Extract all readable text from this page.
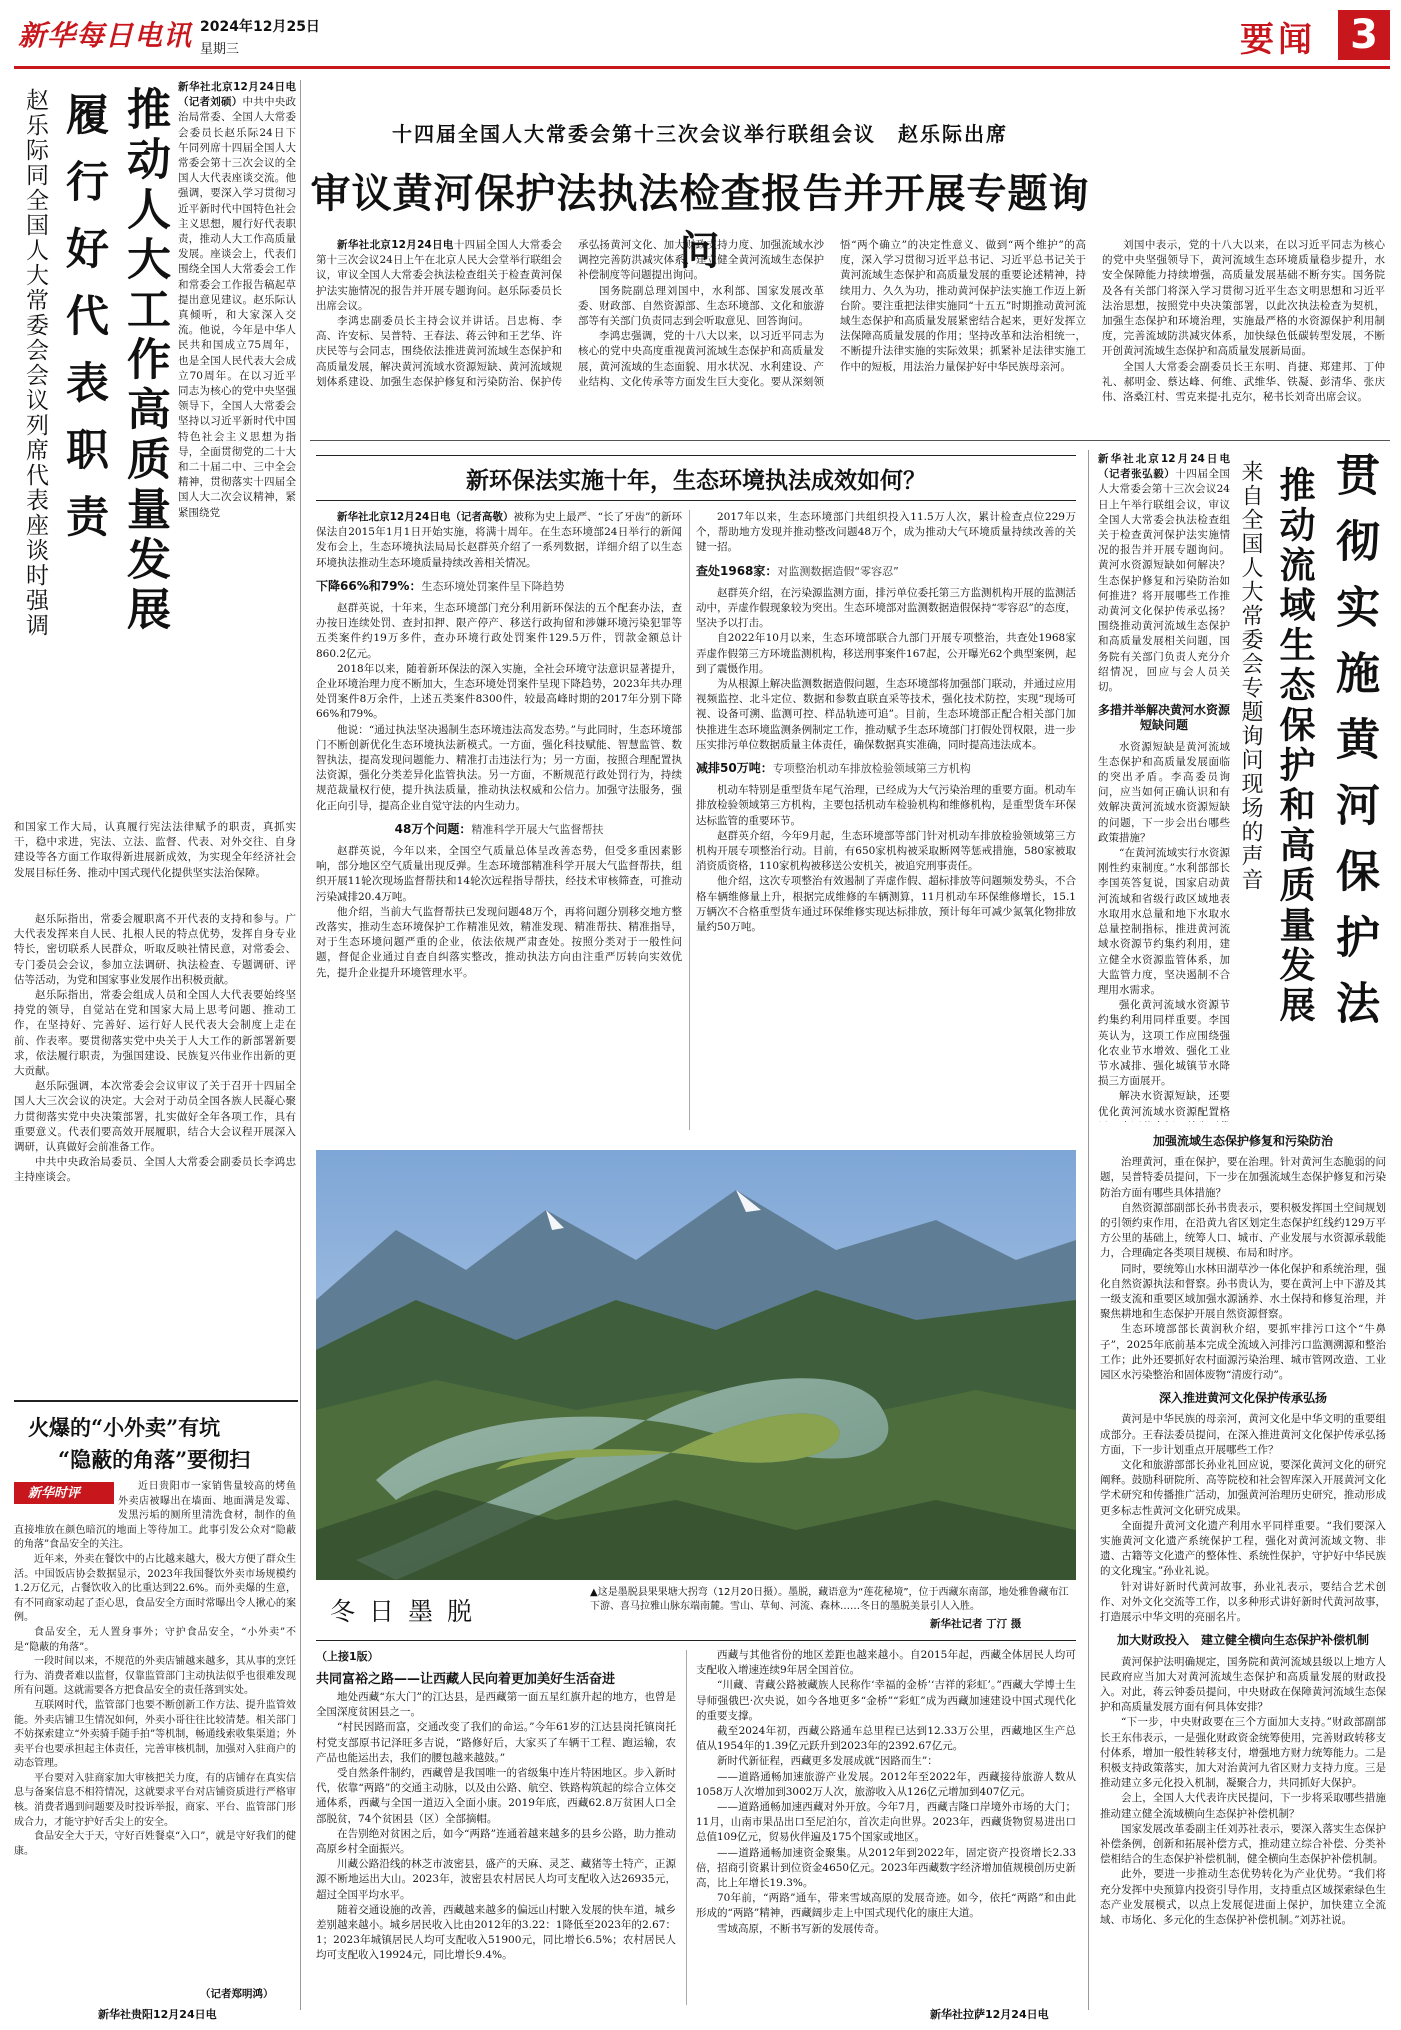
新华每日电讯 2024年12月25日
星期三	要闻 3
赵乐际同全国人大常委会会议列席代表座谈时强调 履行好代表职责 推动人大工作高质量发展 新华社北京12月24日电（记者刘硕）中共中央政治局常委、全国人大常委会委员长赵乐际24日下午同列席十四届全国人大常委会第十三次会议的全国人大代表座谈交流。他强调，要深入学习贯彻习近平新时代中国特色社会主义思想，履行好代表职责，推动人大工作高质量发展。座谈会上，代表们围绕全国人大常委会工作和常委会工作报告稿起草提出意见建议。赵乐际认真倾听，和大家深入交流。他说，今年是中华人民共和国成立75周年，也是全国人民代表大会成立70周年。在以习近平同志为核心的党中央坚强领导下，全国人大常委会坚持以习近平新时代中国特色社会主义思想为指导，全面贯彻党的二十大和二十届二中、三中全会精神，贯彻落实十四届全国人大二次会议精神，紧紧围绕党

和国家工作大局，认真履行宪法法律赋予的职责，真抓实干，稳中求进，宪法、立法、监督、代表、对外交往、自身建设等各方面工作取得新进展新成效，为实现全年经济社会发展目标任务、推动中国式现代化提供坚实法治保障。

赵乐际指出，常委会履职离不开代表的支持和参与。广大代表发挥来自人民、扎根人民的特点优势，发挥自身专业特长，密切联系人民群众，听取反映社情民意，对常委会、专门委员会会议，参加立法调研、执法检查、专题调研、评估等活动，为党和国家事业发展作出积极贡献。

赵乐际指出，常委会组成人员和全国人大代表要始终坚持党的领导，自觉站在党和国家大局上思考问题、推动工作，在坚持好、完善好、运行好人民代表大会制度上走在前、作表率。要贯彻落实党中央关于人大工作的新部署新要求，依法履行职责，为强国建设、民族复兴伟业作出新的更大贡献。

赵乐际强调，本次常委会会议审议了关于召开十四届全国人大三次会议的决定。大会对于动员全国各族人民凝心聚力贯彻落实党中央决策部署，扎实做好全年各项工作，具有重要意义。代表们要高效开展履职，结合大会议程开展深入调研，认真做好会前准备工作。

中共中央政治局委员、全国人大常委会副委员长李鸿忠主持座谈会。

火爆的“小外卖”有坑
“隐蔽的角落”要彻扫
新华时评	近日贵阳市一家销售量较高的烤鱼外卖店被曝出在墙面、地面满是发霉、发黑污垢的厕所里清洗食材，制作的鱼直接堆放在颜色暗沉的地面上等待加工。此事引发公众对“隐蔽的角落”食品安全的关注。

近年来，外卖在餐饮中的占比越来越大，极大方便了群众生活。中国饭店协会数据显示，2023年我国餐饮外卖市场规模约1.2万亿元，占餐饮收入的比重达到22.6%。而外卖爆的生意，有不同商家动起了歪心思，食品安全方面时常曝出令人揪心的案例。

食品安全，无人置身事外；守护食品安全，“小外卖”不是“隐蔽的角落”。

一段时间以来，不规范的外卖店铺越来越多，其从事的烹饪行为、消费者难以监督，仅靠监管部门主动执法似乎也很难发现所有问题。这就需要各方把食品安全的责任落到实处。

互联网时代，监管部门也要不断创新工作方法、提升监管效能。外卖店铺卫生情况如何，外卖小哥往往比较清楚。相关部门不妨探索建立“外卖骑手随手拍”等机制，畅通线索收集渠道；外卖平台也要承担起主体责任，完善审核机制，加强对入驻商户的动态管理。

平台要对入驻商家加大审核把关力度，有的店铺存在真实信息与备案信息不相符情况，这就要求平台对店铺资质进行严格审核。消费者遇到问题要及时投诉举报，商家、平台、监管部门形成合力，才能守护好舌尖上的安全。

食品安全大于天，守好百姓餐桌“入口”，就是守好我们的健康。

（记者郑明鸿）
新华社贵阳12月24日电
十四届全国人大常委会第十三次会议举行联组会议　赵乐际出席
审议黄河保护法执法检查报告并开展专题询问

新华社北京12月24日电十四届全国人大常委会第十三次会议24日上午在北京人民大会堂举行联组会议，审议全国人大常委会执法检查组关于检查黄河保护法实施情况的报告并开展专题询问。赵乐际委员长出席会议。

李鸿忠副委员长主持会议并讲话。吕忠梅、李高、许安标、吴普特、王春法、蒋云钟和王艺华、许庆民等与会同志，围绕依法推进黄河流域生态保护和高质量发展，解决黄河流域水资源短缺、黄河流域规划体系建设、加强生态保护修复和污染防治、保护传承弘扬黄河文化、加大财政支持力度、加强流域水沙调控完善防洪减灾体系、建立健全黄河流域生态保护补偿制度等问题提出询问。

国务院副总理刘国中，水利部、国家发展改革委、财政部、自然资源部、生态环境部、文化和旅游部等有关部门负责同志到会听取意见、回答询问。

李鸿忠强调，党的十八大以来，以习近平同志为核心的党中央高度重视黄河流域生态保护和高质量发展，黄河流域的生态面貌、用水状况、水利建设、产业结构、文化传承等方面发生巨大变化。要从深刻领悟“两个确立”的决定性意义、做到“两个维护”的高度，深入学习贯彻习近平总书记、习近平总书记关于黄河流域生态保护和高质量发展的重要论述精神，持续用力、久久为功，推动黄河保护法实施工作迈上新台阶。要注重把法律实施同“十五五”时期推动黄河流域生态保护和高质量发展紧密结合起来，更好发挥立法保障高质量发展的作用；坚持改革和法治相统一，不断提升法律实施的实际效果；抓紧补足法律实施工作中的短板，用法治力量保护好中华民族母亲河。

刘国中表示，党的十八大以来，在以习近平同志为核心的党中央坚强领导下，黄河流域生态环境质量稳步提升，水安全保障能力持续增强，高质量发展基础不断夯实。国务院及各有关部门将深入学习贯彻习近平生态文明思想和习近平法治思想，按照党中央决策部署，以此次执法检查为契机，加强生态保护和环境治理，实施最严格的水资源保护利用制度，完善流域防洪减灾体系，加快绿色低碳转型发展，不断开创黄河流域生态保护和高质量发展新局面。

全国人大常委会副委员长王东明、肖捷、郑建邦、丁仲礼、郝明金、蔡达峰、何维、武维华、铁凝、彭清华、张庆伟、洛桑江村、雪克来提·扎克尔，秘书长刘奇出席会议。

新环保法实施十年，生态环境执法成效如何？

新华社北京12月24日电（记者高敬）被称为史上最严、“长了牙齿”的新环保法自2015年1月1日开始实施，将满十周年。在生态环境部24日举行的新闻发布会上，生态环境执法局局长赵群英介绍了一系列数据，详细介绍了以生态环境执法推动生态环境质量持续改善相关情况。

下降66%和79%：生态环境处罚案件呈下降趋势

赵群英说，十年来，生态环境部门充分利用新环保法的五个配套办法，查办按日连续处罚、查封扣押、限产停产、移送行政拘留和涉嫌环境污染犯罪等五类案件约19万多件，查办环境行政处罚案件129.5万件，罚款金额总计860.2亿元。

2018年以来，随着新环保法的深入实施，全社会环境守法意识显著提升，企业环境治理力度不断加大，生态环境处罚案件呈现下降趋势，2023年共办理处罚案件8万余件，上述五类案件8300件，较最高峰时期的2017年分别下降66%和79%。

他说：“通过执法坚决遏制生态环境违法高发态势。”与此同时，生态环境部门不断创新优化生态环境执法新模式。一方面，强化科技赋能、智慧监管、数智执法，提高发现问题能力、精准打击违法行为；另一方面，按照合理配置执法资源，强化分类差异化监管执法。另一方面，不断规范行政处罚行为，持续规范裁量权行使，提升执法质量，推动执法权威和公信力。加强守法服务，强化正向引导，提高企业自觉守法的内生动力。

48万个问题：精准科学开展大气监督帮扶

赵群英说，今年以来，全国空气质量总体呈改善态势，但受多重因素影响，部分地区空气质量出现反弹。生态环境部精准科学开展大气监督帮扶，组织开展11轮次现场监督帮扶和14轮次远程指导帮扶，经技术审核筛查，可推动污染减排20.4万吨。

他介绍，当前大气监督帮扶已发现问题48万个，再将问题分别移交地方整改落实，推动生态环境保护工作精准见效，精准发现、精准帮扶、精准指导，对于生态环境问题严重的企业，依法依规严肃查处。按照分类对于一般性问题，督促企业通过自查自纠落实整改，推动执法方向由注重严厉转向实效优先，提升企业提升环境管理水平。

2017年以来，生态环境部门共组织投入11.5万人次，累计检查点位229万个，帮助地方发现并推动整改问题48万个，成为推动大气环境质量持续改善的关键一招。

查处1968家：对监测数据造假“零容忍”

赵群英介绍，在污染源监测方面，排污单位委托第三方监测机构开展的监测活动中，弄虚作假现象较为突出。生态环境部对监测数据造假保持“零容忍”的态度，坚决予以打击。

自2022年10月以来，生态环境部联合九部门开展专项整治，共查处1968家弄虚作假第三方环境监测机构，移送刑事案件167起，公开曝光62个典型案例，起到了震慑作用。

为从根源上解决监测数据造假问题，生态环境部将加强部门联动，并通过应用视频监控、北斗定位、数据和参数直联直采等技术，强化技术防控，实现“现场可视、设备可溯、监测可控、样品轨迹可追”。目前，生态环境部正配合相关部门加快推进生态环境监测条例制定工作，推动赋予生态环境部门打假处罚权限，进一步压实排污单位数据质量主体责任，确保数据真实准确，同时提高违法成本。

减排50万吨：专项整治机动车排放检验领域第三方机构

机动车特别是重型货车尾气治理，已经成为大气污染治理的重要方面。机动车排放检验领域第三方机构，主要包括机动车检验机构和维修机构，是重型货车环保达标监管的重要环节。

赵群英介绍，今年9月起，生态环境部等部门针对机动车排放检验领域第三方机构开展专项整治行动。目前，有650家机构被采取断网等惩戒措施，580家被取消资质资格，110家机构被移送公安机关，被追究刑事责任。

他介绍，这次专项整治有效遏制了弄虚作假、超标排放等问题频发势头，不合格车辆维修量上升，根据完成维修的车辆测算，11月机动车环保维修增长，15.1万辆次不合格重型货车通过环保维修实现达标排放，预计每年可减少氮氧化物排放量约50万吨。

冬日墨脱
▲这是墨脱县果果塘大拐弯（12月20日摄）。墨脱，藏语意为“莲花秘境”，位于西藏东南部，地处雅鲁藏布江下游、喜马拉雅山脉东端南麓。雪山、草甸、河流、森林……冬日的墨脱美景引人入胜。
新华社记者 丁汀 摄
（上接1版）
共同富裕之路——让西藏人民向着更加美好生活奋进

地处西藏“东大门”的江达县，是西藏第一面五星红旗升起的地方，也曾是全国深度贫困县之一。

“村民因路而富，交通改变了我们的命运。”今年61岁的江达县岗托镇岗托村党支部原书记泽旺多吉说，“路修好后，大家买了车辆干工程、跑运输，农产品也能运出去，我们的腰包越来越鼓。”

受自然条件制约，西藏曾是我国唯一的省级集中连片特困地区。步入新时代，依靠“两路”的交通主动脉，以及由公路、航空、铁路构筑起的综合立体交通体系，西藏与全国一道迈入全面小康。2019年底，西藏62.8万贫困人口全部脱贫，74个贫困县（区）全部摘帽。

在告别绝对贫困之后，如今“两路”连通着越来越多的县乡公路，助力推动高原乡村全面振兴。

川藏公路沿线的林芝市波密县，盛产的天麻、灵芝、藏猪等土特产，正源源不断地运出大山。2023年，波密县农村居民人均可支配收入达26935元，超过全国平均水平。

随着交通设施的改善，西藏越来越多的偏远山村駛入发展的快车道，城乡差别越来越小。城乡居民收入比由2012年的3.22：1降低至2023年的2.67：1；2023年城镇居民人均可支配收入51900元，同比增长6.5%；农村居民人均可支配收入19924元，同比增长9.4%。

西藏与其他省份的地区差距也越来越小。自2015年起，西藏全体居民人均可支配收入增速连续9年居全国首位。

“川藏、青藏公路被藏族人民称作‘幸福的金桥’‘吉祥的彩虹’。”西藏大学博士生导师强俄巴·次央说，如今各地更多“金桥”“彩虹”成为西藏加速建设中国式现代化的重要支撑。

截至2024年初，西藏公路通车总里程已达到12.33万公里，西藏地区生产总值从1954年的1.39亿元跃升到2023年的2392.67亿元。

新时代新征程，西藏更多发展成就“因路而生”：

——道路通畅加速旅游产业发展。2012年至2022年，西藏接待旅游人数从1058万人次增加到3002万人次，旅游收入从126亿元增加到407亿元。

——道路通畅加速西藏对外开放。今年7月，西藏吉隆口岸境外市场的大门；11月，山南市果品出口至尼泊尔，首次走向世界。2023年，西藏货物贸易进出口总值109亿元，贸易伙伴遍及175个国家或地区。

——道路通畅加速资金聚集。从2012年到2022年，固定资产投资增长2.33倍，招商引资累计到位资金4650亿元。2023年西藏数字经济增加值规模创历史新高，比上年增长19.3%。

70年前，“两路”通车，带来雪域高原的发展奇迹。如今，依托“两路”和由此形成的“两路”精神，西藏阔步走上中国式现代化的康庄大道。

雪域高原，不断书写新的发展传奇。

新华社拉萨12月24日电
新华社北京12月24日电（记者张弘毅）十四届全国人大常委会第十三次会议24日上午举行联组会议，审议全国人大常委会执法检查组关于检查黄河保护法实施情况的报告并开展专题询问。黄河水资源短缺如何解决？生态保护修复和污染防治如何推进？将开展哪些工作推动黄河文化保护传承弘扬？围绕推动黄河流域生态保护和高质量发展相关问题，国务院有关部门负责人充分介绍情况，回应与会人员关切。
多措并举解决黄河水资源短缺问题

水资源短缺是黄河流域生态保护和高质量发展面临的突出矛盾。李高委员询问，应当如何正确认识和有效解决黄河流域水资源短缺的问题，下一步会出台哪些政策措施？

“在黄河流域实行水资源刚性约束制度。”水利部部长李国英答复说，国家启动黄河流域和省级行政区域地表水取用水总量和地下水取水总量控制指标，推进黄河流域水资源节约集约利用，建立健全水资源监管体系，加大监管力度，坚决遏制不合理用水需求。

强化黄河流域水资源节约集约利用同样重要。李国英认为，这项工作应围绕强化农业节水增效、强化工业节水减排、强化城镇节水降损三方面展开。

解决水资源短缺，还要优化黄河流域水资源配置格

来自全国人大常委会专题询问现场的声音 推动流域生态保护和高质量发展 贯彻实施黄河保护法
加强流域生态保护修复和污染防治

治理黄河，重在保护，要在治理。针对黄河生态脆弱的问题，吴普特委员提问，下一步在加强流域生态保护修复和污染防治方面有哪些具体措施？

自然资源部副部长孙书贵表示，要积极发挥国土空间规划的引领约束作用，在沿黄九省区划定生态保护红线约129万平方公里的基础上，统筹人口、城市、产业发展与水资源承载能力，合理确定各类项目规模、布局和时序。

同时，要统筹山水林田湖草沙一体化保护和系统治理，强化自然资源执法和督察。孙书贵认为，要在黄河上中下游及其一级支流和重要区域加强水源涵养、水土保持和修复治理，并聚焦耕地和生态保护开展自然资源督察。

生态环境部部长黄润秋介绍，要抓牢排污口这个“牛鼻子”，2025年底前基本完成全流域入河排污口监测溯源和整治工作；此外还要抓好农村面源污染治理、城市管网改造、工业园区水污染整治和固体废物“清废行动”。

深入推进黄河文化保护传承弘扬

黄河是中华民族的母亲河，黄河文化是中华文明的重要组成部分。王春法委员提问，在深入推进黄河文化保护传承弘扬方面，下一步计划重点开展哪些工作？

文化和旅游部部长孙业礼回应说，要深化黄河文化的研究阐释。鼓励科研院所、高等院校和社会智库深入开展黄河文化学术研究和传播推广活动，加强黄河治理历史研究，推动形成更多标志性黄河文化研究成果。

全面提升黄河文化遗产利用水平同样重要。“我们要深入实施黄河文化遗产系统保护工程，强化对黄河流域文物、非遗、古籍等文化遗产的整体性、系统性保护，守护好中华民族的文化瑰宝。”孙业礼说。

针对讲好新时代黄河故事，孙业礼表示，要结合艺术创作、对外文化交流等工作，以多种形式讲好新时代黄河故事，打造展示中华文明的亮丽名片。

加大财政投入　建立健全横向生态保护补偿机制

黄河保护法明确规定，国务院和黄河流域县级以上地方人民政府应当加大对黄河流域生态保护和高质量发展的财政投入。对此，蒋云钟委员提问，中央财政在保障黄河流域生态保护和高质量发展方面有何具体安排？

“下一步，中央财政要在三个方面加大支持。”财政部副部长王东伟表示，一是强化财政资金统筹使用，完善财政转移支付体系，增加一般性转移支付，增强地方财力统筹能力。二是积极支持政策落实，加大对治黄河九省区财力支持力度。三是推动建立多元化投入机制，凝聚合力，共同抓好大保护。

会上，全国人大代表许庆民提问，下一步将采取哪些措施推动建立健全流域横向生态保护补偿机制？

国家发展改革委副主任刘苏社表示，要深入落实生态保护补偿条例，创新和拓展补偿方式，推动建立综合补偿、分类补偿相结合的生态保护补偿机制，健全横向生态保护补偿机制。

此外，要进一步推动生态优势转化为产业优势。“我们将充分发挥中央预算内投资引导作用，支持重点区域探索绿色生态产业发展模式，以点上发展促进面上保护，加快建立全流域、市场化、多元化的生态保护补偿机制。”刘苏社说。
